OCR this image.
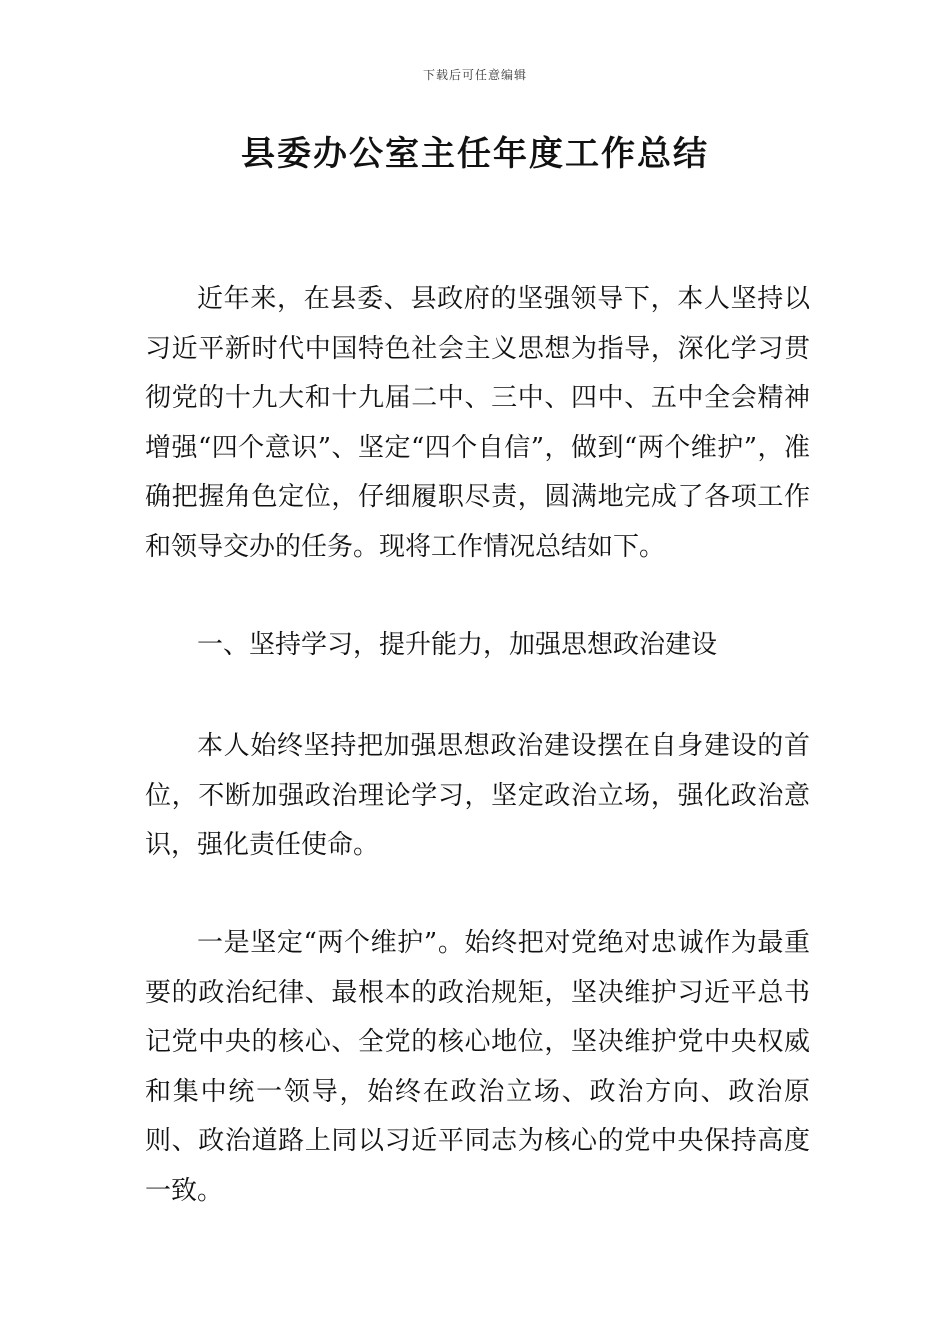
下载后可任意编辑
县委办公室主任年度工作总结

近年来，在县委、县政府的坚强领导下，本人坚持以习近平新时代中国特色社会主义思想为指导，深化学习贯彻党的十九大和十九届二中、三中、四中、五中全会精神增强“四个意识”、坚定“四个自信”，做到“两个维护”，准确把握角色定位，仔细履职尽责，圆满地完成了各项工作和领导交办的任务。现将工作情况总结如下。

一、坚持学习，提升能力，加强思想政治建设

本人始终坚持把加强思想政治建设摆在自身建设的首位，不断加强政治理论学习，坚定政治立场，强化政治意识，强化责任使命。

一是坚定“两个维护”。始终把对党绝对忠诚作为最重要的政治纪律、最根本的政治规矩，坚决维护习近平总书记党中央的核心、全党的核心地位，坚决维护党中央权威和集中统一领导，始终在政治立场、政治方向、政治原则、政治道路上同以习近平同志为核心的党中央保持高度一致。
